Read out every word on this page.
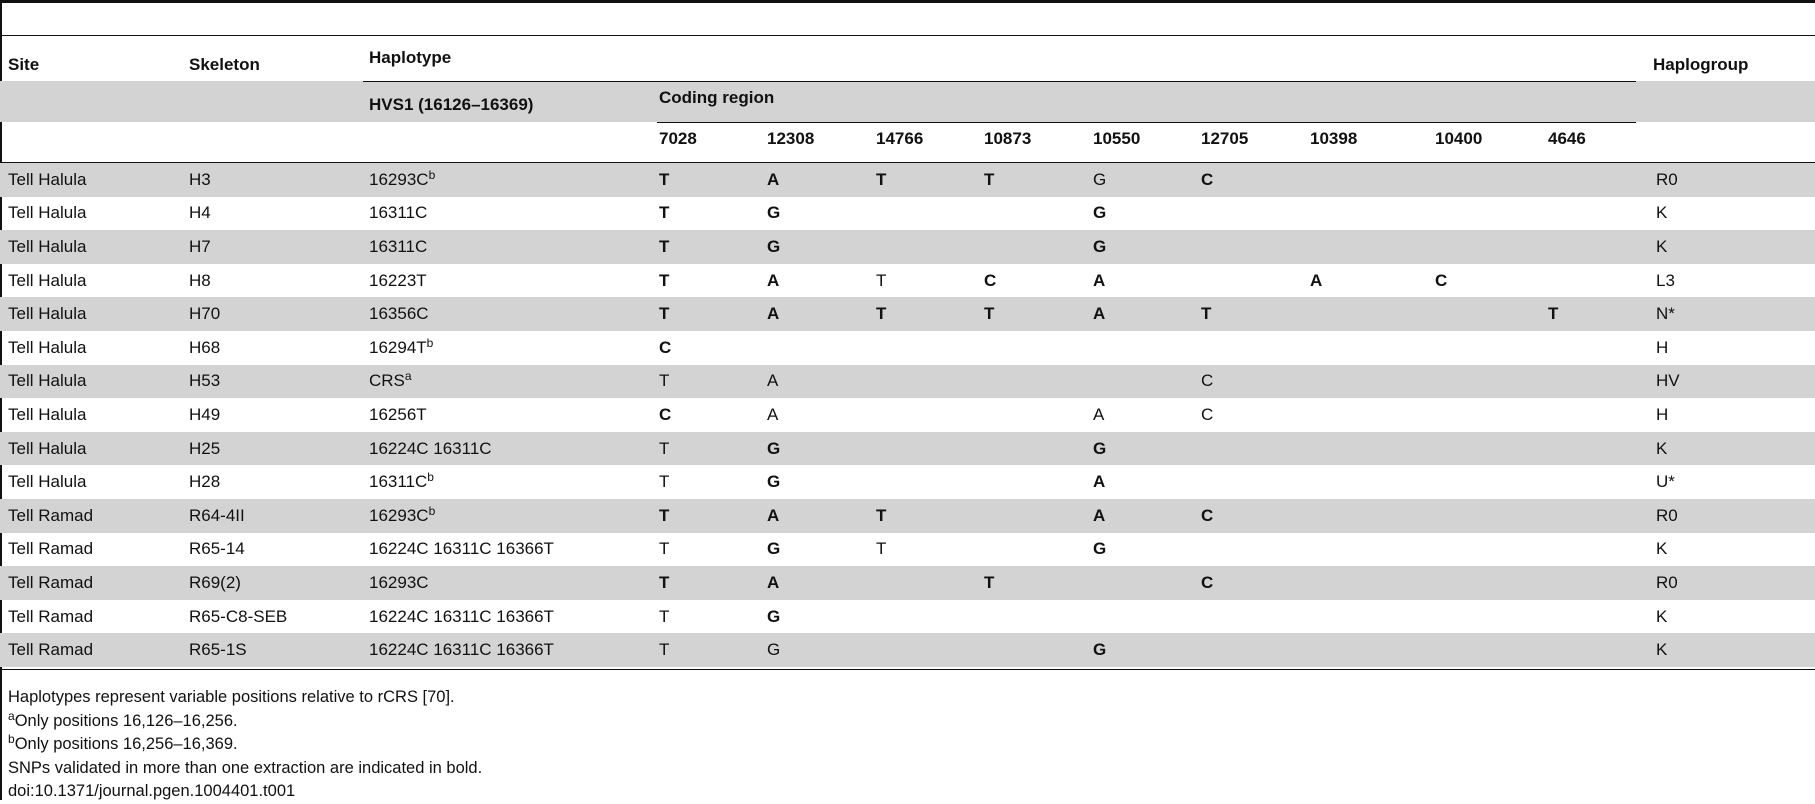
Site	Skeleton	Haplotype	Haplogroup
HVS1 (16126–16369)	Coding region
7028	12308	14766	10873	10550	12705	10398	10400	4646
Tell Halula	H3	$16293C^b$	T	A	T	T	G	C				R0
Tell Halula	H4	16311C	T	G			G					K
Tell Halula	H7	16311C	T	G			G					K
Tell Halula	H8	16223T	T	A	T	C	A		A	C		L3
Tell Halula	H70	16356C	T	A	T	T	A	T			T	N*
Tell Halula	H68	$16294T^b$	C									H
Tell Halula	H53	CRS$^a$	T	A				C				HV
Tell Halula	H49	16256T	C	A			A	C				H
Tell Halula	H25	16224C 16311C	T	G			G					K
Tell Halula	H28	$16311C^b$	T	G			A					U*
Tell Ramad	R64-4II	$16293C^b$	T	A	T		A	C				R0
Tell Ramad	R65-14	16224C 16311C 16366T	T	G	T		G					K
Tell Ramad	R69(2)	16293C	T	A		T		C				R0
Tell Ramad	R65-C8-SEB	16224C 16311C 16366T	T	G								K
Tell Ramad	R65-1S	16224C 16311C 16366T	T	G			G					K
Haplotypes represent variable positions relative to rCRS [70].
$^a$Only positions 16,126–16,256.
$^b$Only positions 16,256–16,369.
SNPs validated in more than one extraction are indicated in bold.
doi:10.1371/journal.pgen.1004401.t001
